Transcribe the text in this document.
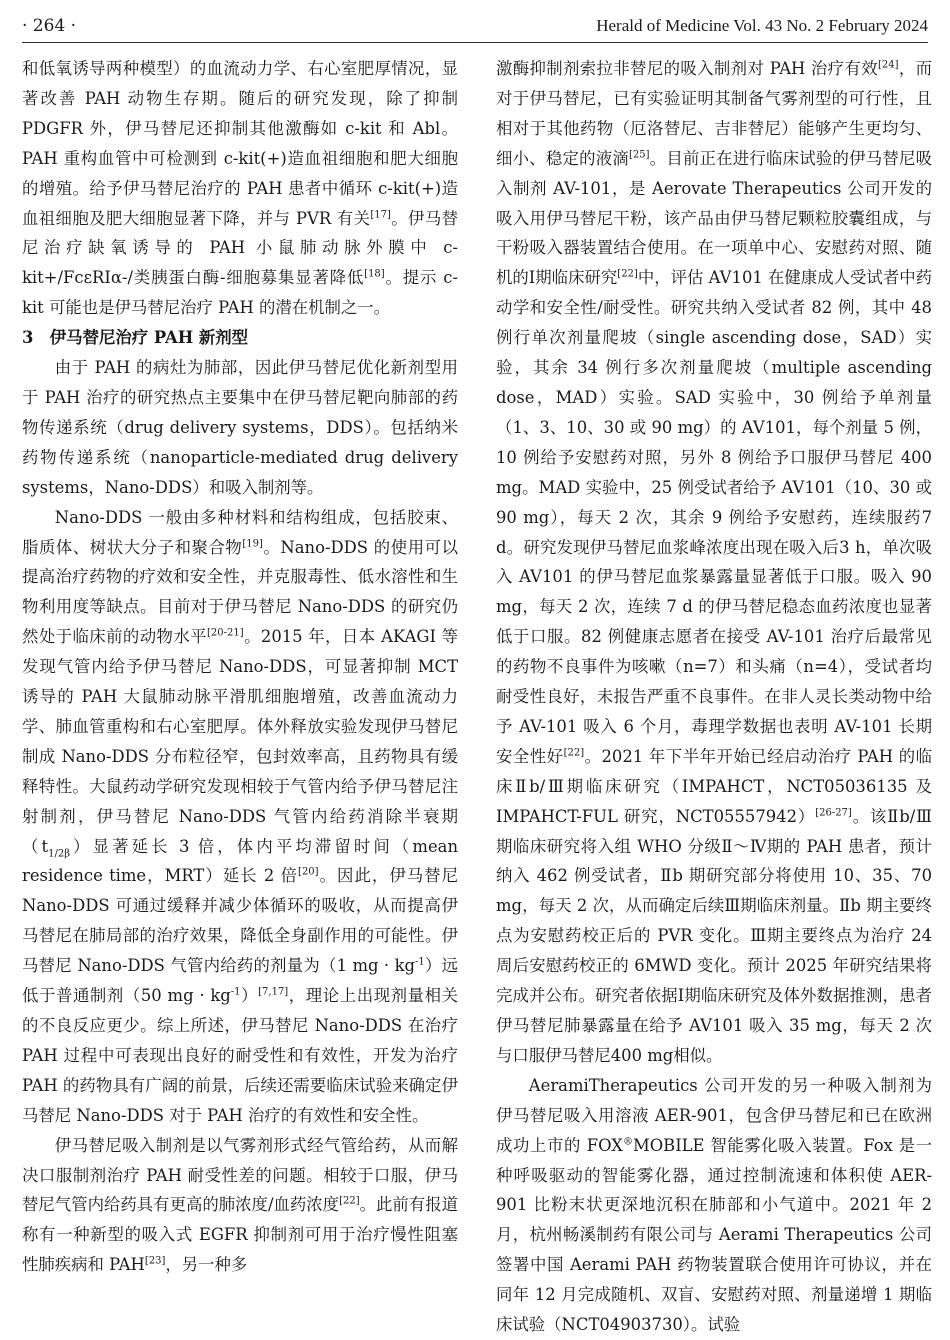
· 264 ·	Herald of Medicine Vol. 43 No. 2 February 2024

和低氧诱导两种模型）的血流动力学、右心室肥厚情况，显著改善 PAH 动物生存期。随后的研究发现，除了抑制 PDGFR 外，伊马替尼还抑制其他激酶如 c-kit 和 Abl。PAH 重构血管中可检测到 c-kit(+)造血祖细胞和肥大细胞的增殖。给予伊马替尼治疗的 PAH 患者中循环 c-kit(+)造血祖细胞及肥大细胞显著下降，并与 PVR 有关[17]。伊马替尼治疗缺氧诱导的 PAH 小鼠肺动脉外膜中 c-kit+/FcεRIα-/类胰蛋白酶-细胞募集显著降低[18]。提示 c-kit 可能也是伊马替尼治疗 PAH 的潜在机制之一。

3　伊马替尼治疗 PAH 新剂型

由于 PAH 的病灶为肺部，因此伊马替尼优化新剂型用于 PAH 治疗的研究热点主要集中在伊马替尼靶向肺部的药物传递系统（drug delivery systems，DDS）。包括纳米药物传递系统（nanoparticle-mediated drug delivery systems，Nano-DDS）和吸入制剂等。

Nano-DDS 一般由多种材料和结构组成，包括胶束、脂质体、树状大分子和聚合物[19]。Nano-DDS 的使用可以提高治疗药物的疗效和安全性，并克服毒性、低水溶性和生物利用度等缺点。目前对于伊马替尼 Nano-DDS 的研究仍然处于临床前的动物水平[20-21]。2015 年，日本 AKAGI 等发现气管内给予伊马替尼 Nano-DDS，可显著抑制 MCT 诱导的 PAH 大鼠肺动脉平滑肌细胞增殖，改善血流动力学、肺血管重构和右心室肥厚。体外释放实验发现伊马替尼制成 Nano-DDS 分布粒径窄，包封效率高，且药物具有缓释特性。大鼠药动学研究发现相较于气管内给予伊马替尼注射制剂，伊马替尼 Nano-DDS 气管内给药消除半衰期$(t_{1/2\beta})$显著延长 3 倍，体内平均滞留时间（mean residence time，MRT）延长 2 倍[20]。因此，伊马替尼 Nano-DDS 可通过缓释并减少体循环的吸收，从而提高伊马替尼在肺局部的治疗效果，降低全身副作用的可能性。伊马替尼 Nano-DDS 气管内给药的剂量为（1 mg · $kg^{-1}$）远低于普通制剂（50 mg · $kg^{-1})[7,17]$，理论上出现剂量相关的不良反应更少。综上所述，伊马替尼 Nano-DDS 在治疗 PAH 过程中可表现出良好的耐受性和有效性，开发为治疗 PAH 的药物具有广阔的前景，后续还需要临床试验来确定伊马替尼 Nano-DDS 对于 PAH 治疗的有效性和安全性。

伊马替尼吸入制剂是以气雾剂形式经气管给药，从而解决口服制剂治疗 PAH 耐受性差的问题。相较于口服，伊马替尼气管内给药具有更高的肺浓度/血药浓度[22]。此前有报道称有一种新型的吸入式 EGFR 抑制剂可用于治疗慢性阻塞性肺疾病和 PAH[23]，另一种多

激酶抑制剂索拉非替尼的吸入制剂对 PAH 治疗有效[24]，而对于伊马替尼，已有实验证明其制备气雾剂型的可行性，且相对于其他药物（厄洛替尼、吉非替尼）能够产生更均匀、细小、稳定的液滴[25]。目前正在进行临床试验的伊马替尼吸入制剂 AV-101，是 Aerovate Therapeutics 公司开发的吸入用伊马替尼干粉，该产品由伊马替尼颗粒胶囊组成，与干粉吸入器装置结合使用。在一项单中心、安慰药对照、随机的Ⅰ期临床研究[22]中，评估 AV101 在健康成人受试者中药动学和安全性/耐受性。研究共纳入受试者 82 例，其中 48 例行单次剂量爬坡（single ascending dose，SAD）实验，其余 34 例行多次剂量爬坡（multiple ascending dose，MAD）实验。SAD 实验中，30 例给予单剂量（1、3、10、30 或 90 mg）的 AV101，每个剂量 5 例，10 例给予安慰药对照，另外 8 例给予口服伊马替尼 400 mg。MAD 实验中，25 例受试者给予 AV101（10、30 或90 mg），每天 2 次，其余 9 例给予安慰药，连续服药7 d。研究发现伊马替尼血浆峰浓度出现在吸入后3 h，单次吸入 AV101 的伊马替尼血浆暴露量显著低于口服。吸入 90 mg，每天 2 次，连续 7 d 的伊马替尼稳态血药浓度也显著低于口服。82 例健康志愿者在接受 AV-101 治疗后最常见的药物不良事件为咳嗽（n=7）和头痛（n=4），受试者均耐受性良好，未报告严重不良事件。在非人灵长类动物中给予 AV-101 吸入 6 个月，毒理学数据也表明 AV-101 长期安全性好[22]。2021 年下半年开始已经启动治疗 PAH 的临床Ⅱb/Ⅲ期临床研究（IMPAHCT，NCT05036135 及 IMPAHCT-FUL 研究，NCT05557942）[26-27]。该Ⅱb/Ⅲ期临床研究将入组 WHO 分级Ⅱ～Ⅳ期的 PAH 患者，预计纳入 462 例受试者，Ⅱb 期研究部分将使用 10、35、70 mg，每天 2 次，从而确定后续Ⅲ期临床剂量。Ⅱb 期主要终点为安慰药校正后的 PVR 变化。Ⅲ期主要终点为治疗 24 周后安慰药校正的 6MWD 变化。预计 2025 年研究结果将完成并公布。研究者依据Ⅰ期临床研究及体外数据推测，患者伊马替尼肺暴露量在给予 AV101 吸入 35 mg，每天 2 次与口服伊马替尼400 mg相似。

AeramiTherapeutics 公司开发的另一种吸入制剂为伊马替尼吸入用溶液 AER-901，包含伊马替尼和已在欧洲成功上市的 FOX®MOBILE 智能雾化吸入装置。Fox 是一种呼吸驱动的智能雾化器，通过控制流速和体积使 AER-901 比粉末状更深地沉积在肺部和小气道中。2021 年 2 月，杭州畅溪制药有限公司与 Aerami Therapeutics 公司签署中国 Aerami PAH 药物装置联合使用许可协议，并在同年 12 月完成随机、双盲、安慰药对照、剂量递增 1 期临床试验（NCT04903730）。试验
